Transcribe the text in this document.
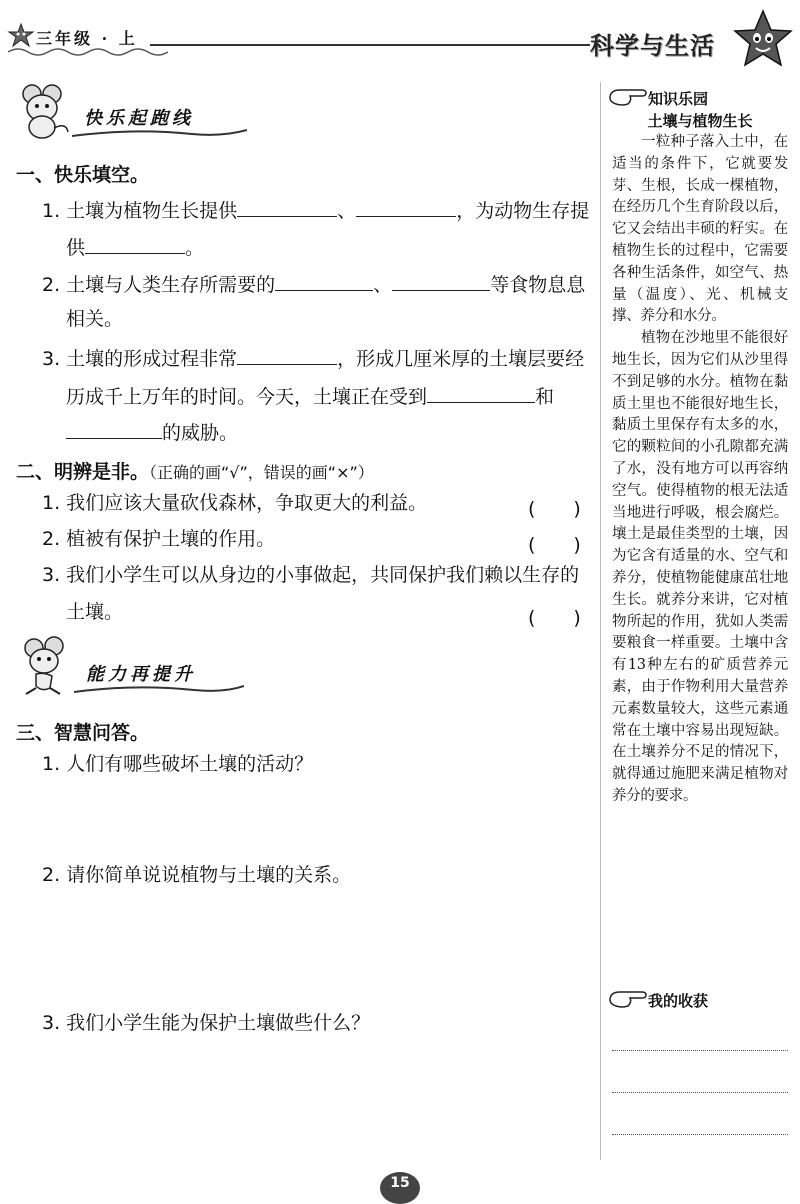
三年级 · 上	科学与生活
快乐起跑线
一、快乐填空。
1. 土壤为植物生长提供	、	，为动物生存提
供	。
2. 土壤与人类生存所需要的	、	等食物息息
相关。
3. 土壤的形成过程非常	，形成几厘米厚的土壤层要经
历成千上万年的时间。今天，土壤正在受到	和
的威胁。
二、明辨是非。（正确的画“√”，错误的画“×”）
1. 我们应该大量砍伐森林，争取更大的利益。	(　　)
2. 植被有保护土壤的作用。	(　　)
3. 我们小学生可以从身边的小事做起，共同保护我们赖以生存的
土壤。	(　　)
能力再提升
三、智慧问答。
1. 人们有哪些破坏土壤的活动？
2. 请你简单说说植物与土壤的关系。
3. 我们小学生能为保护土壤做些什么？
知识乐园
土壤与植物生长

一粒种子落入土中，在适当的条件下，它就要发芽、生根，长成一棵植物，在经历几个生育阶段以后，它又会结出丰硕的籽实。在植物生长的过程中，它需要各种生活条件，如空气、热量（温度）、光、机械支撑、养分和水分。

植物在沙地里不能很好地生长，因为它们从沙里得不到足够的水分。植物在黏质土里也不能很好地生长，黏质土里保存有太多的水，它的颗粒间的小孔隙都充满了水，没有地方可以再容纳空气。使得植物的根无法适当地进行呼吸，根会腐烂。壤土是最佳类型的土壤，因为它含有适量的水、空气和养分，使植物能健康茁壮地生长。就养分来讲，它对植物所起的作用，犹如人类需要粮食一样重要。土壤中含有13种左右的矿质营养元素，由于作物利用大量营养元素数量较大，这些元素通常在土壤中容易出现短缺。在土壤养分不足的情况下，就得通过施肥来满足植物对养分的要求。

我的收获
15
